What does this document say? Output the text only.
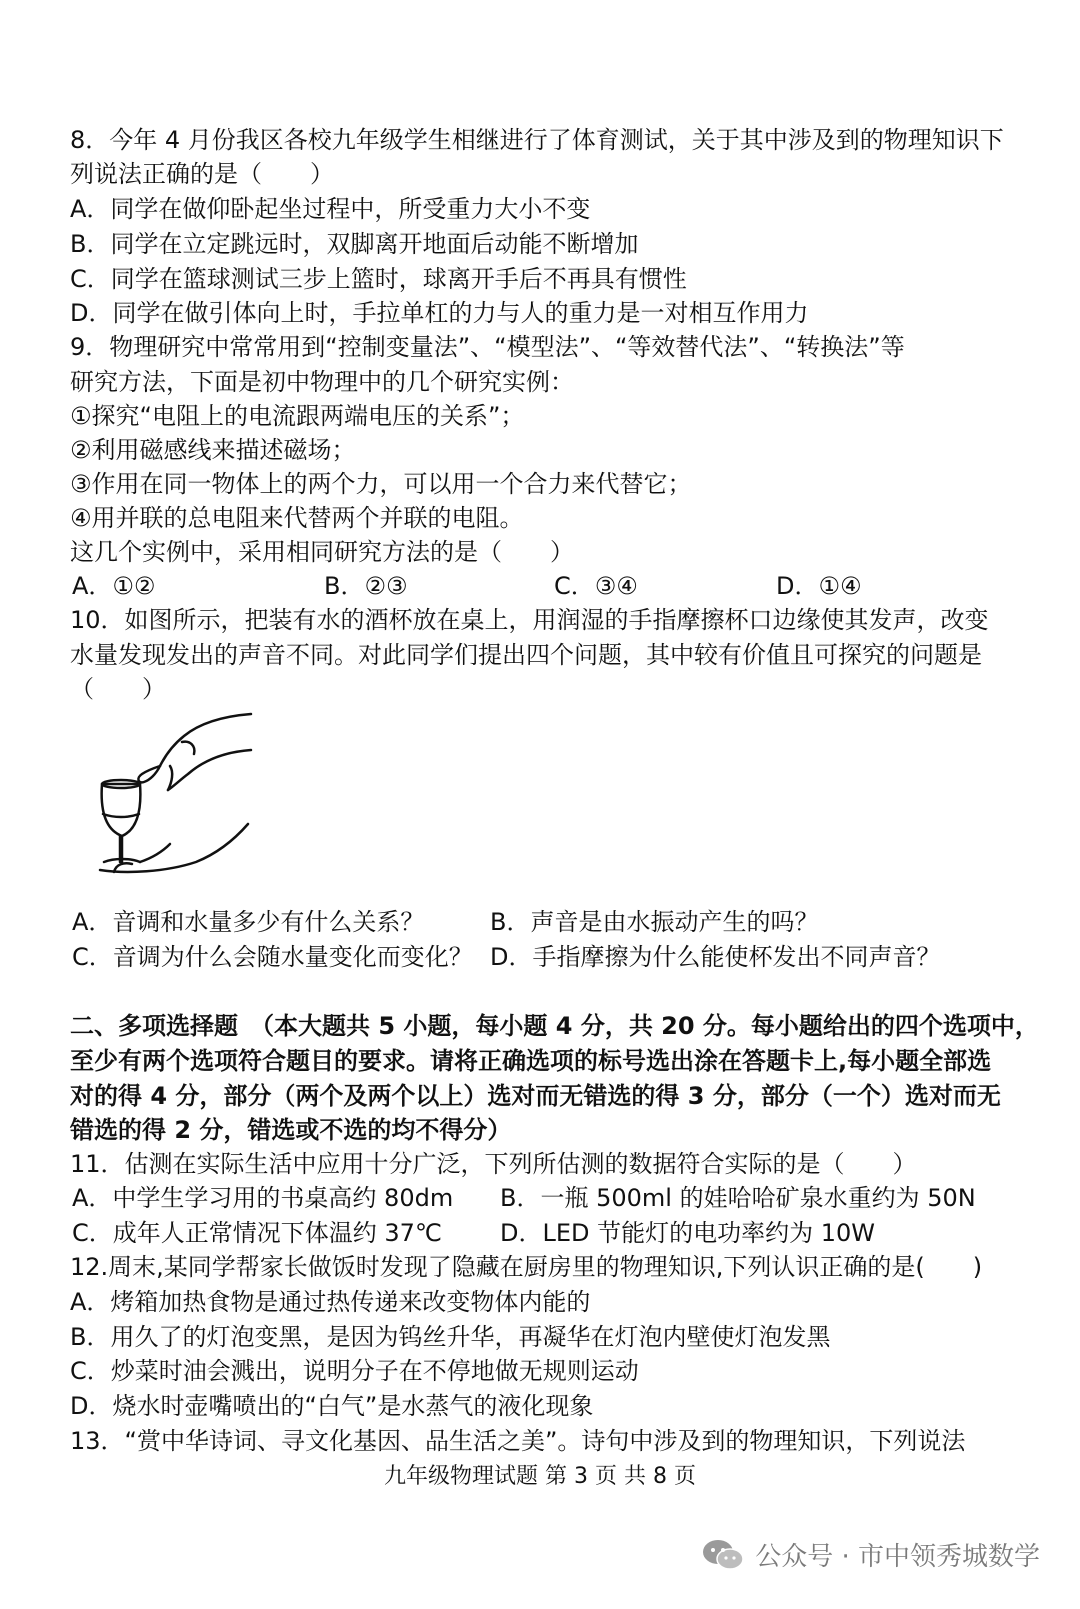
8．今年 4 月份我区各校九年级学生相继进行了体育测试，关于其中涉及到的物理知识下
列说法正确的是（　　）
A．同学在做仰卧起坐过程中，所受重力大小不变
B．同学在立定跳远时，双脚离开地面后动能不断增加
C．同学在篮球测试三步上篮时，球离开手后不再具有惯性
D．同学在做引体向上时，手拉单杠的力与人的重力是一对相互作用力
9．物理研究中常常用到“控制变量法”、“模型法”、“等效替代法”、“转换法”等
研究方法，下面是初中物理中的几个研究实例：
①探究“电阻上的电流跟两端电压的关系”；
②利用磁感线来描述磁场；
③作用在同一物体上的两个力，可以用一个合力来代替它；
④用并联的总电阻来代替两个并联的电阻。
这几个实例中，采用相同研究方法的是（　　）
A．①②	B．②③	C．③④	D．①④
10．如图所示，把装有水的酒杯放在桌上，用润湿的手指摩擦杯口边缘使其发声，改变
水量发现发出的声音不同。对此同学们提出四个问题，其中较有价值且可探究的问题是
（　　）
A．音调和水量多少有什么关系？	B．声音是由水振动产生的吗？
C．音调为什么会随水量变化而变化？ D．手指摩擦为什么能使杯发出不同声音？
二、多项选择题　（本大题共 5 小题，每小题 4 分，共 20 分。每小题给出的四个选项中，
至少有两个选项符合题目的要求。请将正确选项的标号选出涂在答题卡上,每小题全部选
对的得 4 分，部分（两个及两个以上）选对而无错选的得 3 分，部分（一个）选对而无
错选的得 2 分，错选或不选的均不得分）
11．估测在实际生活中应用十分广泛，下列所估测的数据符合实际的是（　　）
A．中学生学习用的书桌高约 80dm B．一瓶 500ml 的娃哈哈矿泉水重约为 50N
C．成年人正常情况下体温约 37℃ D．LED 节能灯的电功率约为 10W
12.周末,某同学帮家长做饭时发现了隐藏在厨房里的物理知识,下列认识正确的是(　　)
A．烤箱加热食物是通过热传递来改变物体内能的
B．用久了的灯泡变黑，是因为钨丝升华，再凝华在灯泡内壁使灯泡发黑
C．炒菜时油会溅出，说明分子在不停地做无规则运动
D．烧水时壶嘴喷出的“白气”是水蒸气的液化现象
13．“赏中华诗词、寻文化基因、品生活之美”。诗句中涉及到的物理知识，下列说法
九年级物理试题 第 3 页 共 8 页
公众号 · 市中领秀城数学
